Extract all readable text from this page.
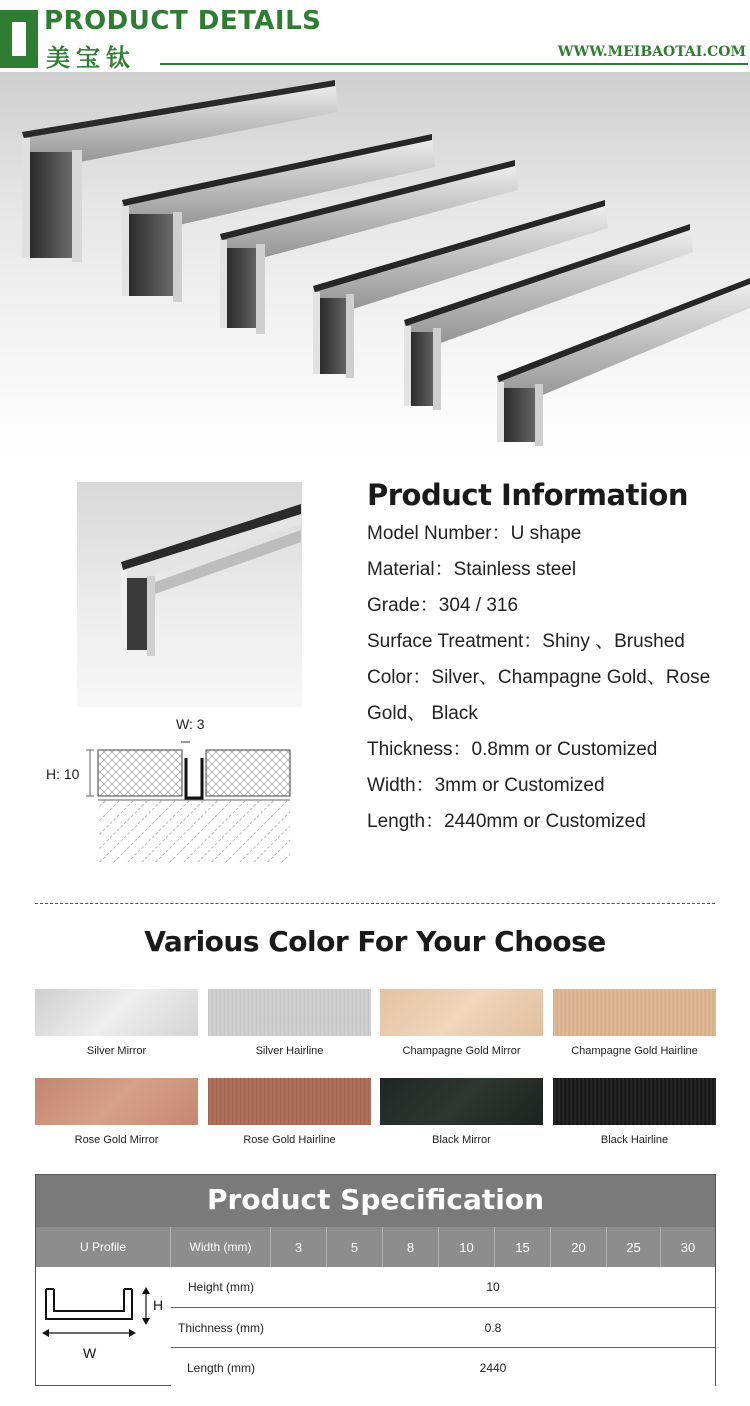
PRODUCT DETAILS
美宝钛	WWW.MEIBAOTAI.COM
W: 3
H: 10
Product Information
Model Number：U shape
Material：Stainless steel
Grade：304 / 316
Surface Treatment：Shiny 、Brushed
Color：Silver、Champagne Gold、Rose
Gold、 Black
Thickness：0.8mm or Customized
Width：3mm or Customized
Length：2440mm or Customized
Various Color For Your Choose
Silver Mirror	Silver Hairline	Champagne Gold Mirror	Champagne Gold Hairline
Rose Gold Mirror	Rose Gold Hairline	Black Mirror	Black Hairline
Product Specification
U Profile	Width (mm)	3	5	8	10	15	20	25	30
H
W
Height (mm)	10
Thichness (mm)	0.8
Length (mm)	2440
